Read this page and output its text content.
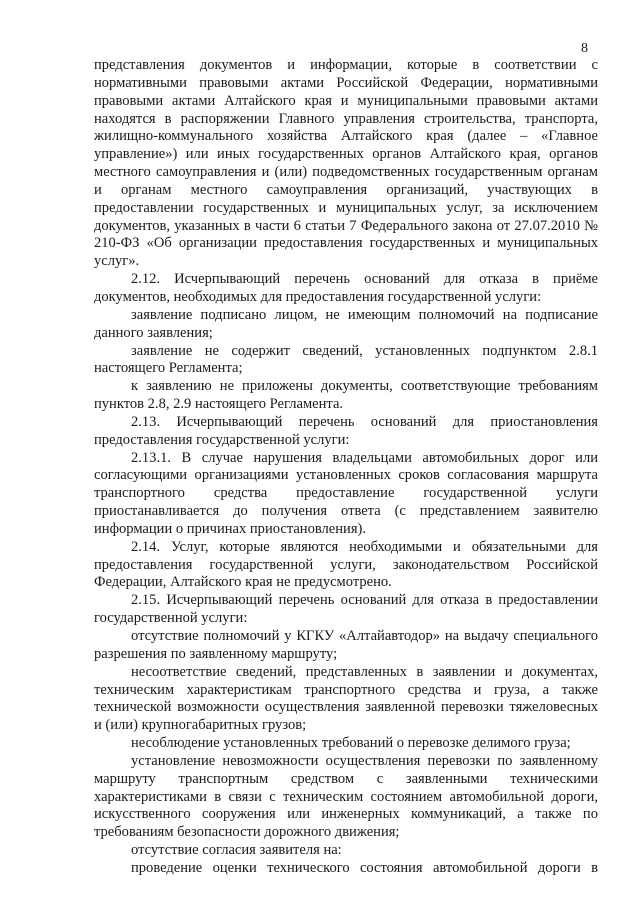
8

представления документов и информации, которые в соответствии с нормативными правовыми актами Российской Федерации, нормативными правовыми актами Алтайского края и муниципальными правовыми актами находятся в распоряжении Главного управления строительства, транспорта, жилищно-коммунального хозяйства Алтайского края (далее – «Главное управление») или иных государственных органов Алтайского края, органов местного самоуправления и (или) подведомственных государственным органам и органам местного самоуправления организаций, участвующих в предоставлении государственных и муниципальных услуг, за исключением документов, указанных в части 6 статьи 7 Федерального закона от 27.07.2010 № 210-ФЗ «Об организации предоставления государственных и муниципальных услуг».

2.12. Исчерпывающий перечень оснований для отказа в приёме документов, необходимых для предоставления государственной услуги:

заявление подписано лицом, не имеющим полномочий на подписание данного заявления;

заявление не содержит сведений, установленных подпунктом 2.8.1 настоящего Регламента;

к заявлению не приложены документы, соответствующие требованиям пунктов 2.8, 2.9 настоящего Регламента.

2.13. Исчерпывающий перечень оснований для приостановления предоставления государственной услуги:

2.13.1. В случае нарушения владельцами автомобильных дорог или согласующими организациями установленных сроков согласования маршрута транспортного средства предоставление государственной услуги приостанавливается до получения ответа (с представлением заявителю информации о причинах приостановления).

2.14. Услуг, которые являются необходимыми и обязательными для предоставления государственной услуги, законодательством Российской Федерации, Алтайского края не предусмотрено.

2.15. Исчерпывающий перечень оснований для отказа в предоставлении государственной услуги:

отсутствие полномочий у КГКУ «Алтайавтодор» на выдачу специального разрешения по заявленному маршруту;

несоответствие сведений, представленных в заявлении и документах, техническим характеристикам транспортного средства и груза, а также технической возможности осуществления заявленной перевозки тяжеловесных и (или) крупногабаритных грузов;

несоблюдение установленных требований о перевозке делимого груза;

установление невозможности осуществления перевозки по заявленному маршруту транспортным средством с заявленными техническими характеристиками в связи с техническим состоянием автомобильной дороги, искусственного сооружения или инженерных коммуникаций, а также по требованиям безопасности дорожного движения;

отсутствие согласия заявителя на:

проведение оценки технического состояния автомобильной дороги в
